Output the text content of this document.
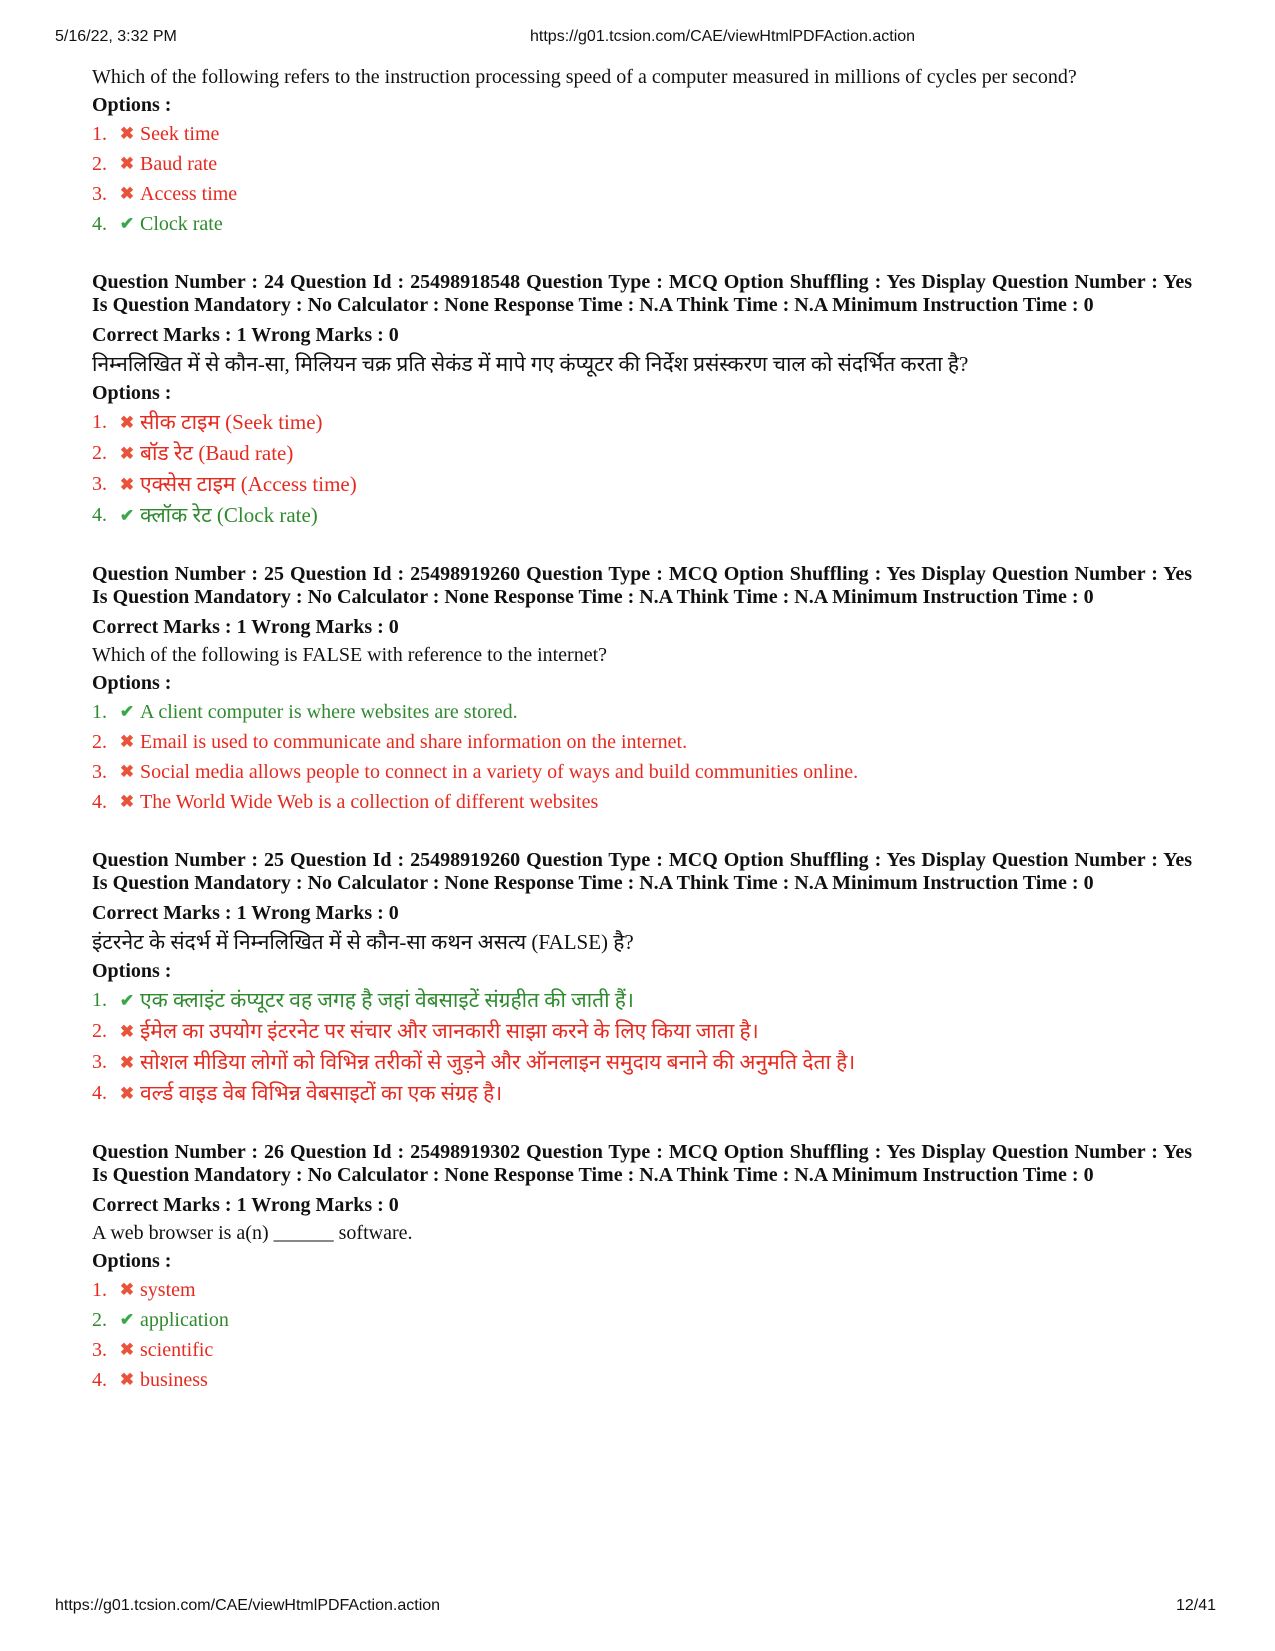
5/16/22, 3:32 PM	https://g01.tcsion.com/CAE/viewHtmlPDFAction.action

Which of the following refers to the instruction processing speed of a computer measured in millions of cycles per second?

Options :

1. ✖ Seek time
2. ✖ Baud rate
3. ✖ Access time
4. ✔ Clock rate

Question Number : 24 Question Id : 25498918548 Question Type : MCQ Option Shuffling : Yes Display Question Number : Yes Is Question Mandatory : No Calculator : None Response Time : N.A Think Time : N.A Minimum Instruction Time : 0

Correct Marks : 1 Wrong Marks : 0

निम्नलिखित में से कौन-सा, मिलियन चक्र प्रति सेकंड में मापे गए कंप्यूटर की निर्देश प्रसंस्करण चाल को संदर्भित करता है?

Options :

1. ✖ सीक टाइम (Seek time)
2. ✖ बॉड रेट (Baud rate)
3. ✖ एक्सेस टाइम (Access time)
4. ✔ क्लॉक रेट (Clock rate)

Question Number : 25 Question Id : 25498919260 Question Type : MCQ Option Shuffling : Yes Display Question Number : Yes Is Question Mandatory : No Calculator : None Response Time : N.A Think Time : N.A Minimum Instruction Time : 0

Correct Marks : 1 Wrong Marks : 0

Which of the following is FALSE with reference to the internet?

Options :

1. ✔ A client computer is where websites are stored.
2. ✖ Email is used to communicate and share information on the internet.
3. ✖ Social media allows people to connect in a variety of ways and build communities online.
4. ✖ The World Wide Web is a collection of different websites

Question Number : 25 Question Id : 25498919260 Question Type : MCQ Option Shuffling : Yes Display Question Number : Yes Is Question Mandatory : No Calculator : None Response Time : N.A Think Time : N.A Minimum Instruction Time : 0

Correct Marks : 1 Wrong Marks : 0

इंटरनेट के संदर्भ में निम्नलिखित में से कौन-सा कथन असत्य (FALSE) है?

Options :

1. ✔ एक क्लाइंट कंप्यूटर वह जगह है जहां वेबसाइटें संग्रहीत की जाती हैं।
2. ✖ ईमेल का उपयोग इंटरनेट पर संचार और जानकारी साझा करने के लिए किया जाता है।
3. ✖ सोशल मीडिया लोगों को विभिन्न तरीकों से जुड़ने और ऑनलाइन समुदाय बनाने की अनुमति देता है।
4. ✖ वर्ल्ड वाइड वेब विभिन्न वेबसाइटों का एक संग्रह है।

Question Number : 26 Question Id : 25498919302 Question Type : MCQ Option Shuffling : Yes Display Question Number : Yes Is Question Mandatory : No Calculator : None Response Time : N.A Think Time : N.A Minimum Instruction Time : 0

Correct Marks : 1 Wrong Marks : 0

A web browser is a(n) ______ software.

Options :

1. ✖ system
2. ✔ application
3. ✖ scientific
4. ✖ business
https://g01.tcsion.com/CAE/viewHtmlPDFAction.action	12/41
